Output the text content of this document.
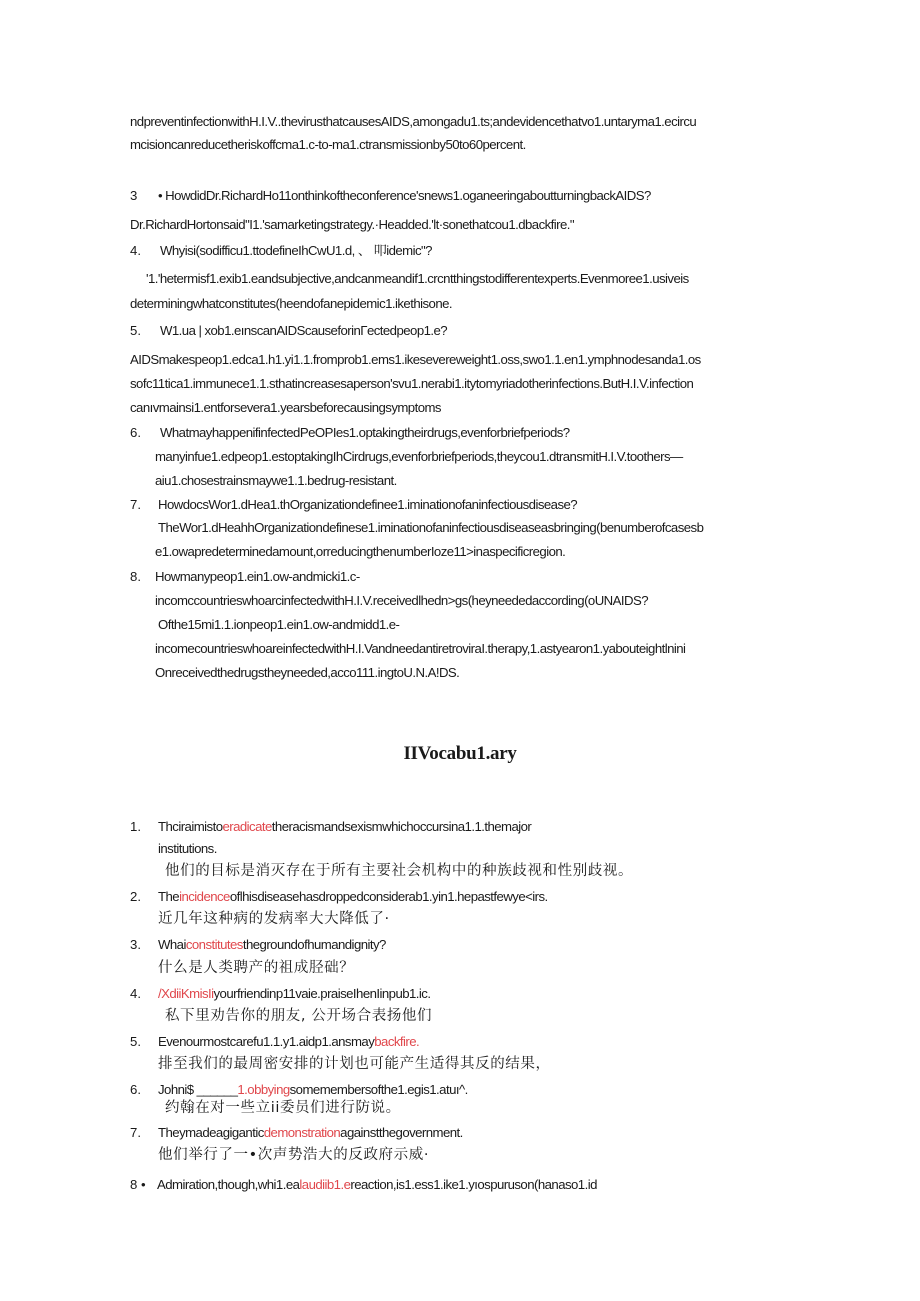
ndpreventinfectionwithH.I.V..thevirusthatcausesAIDS,amongadu1.ts;andevidencethatvo1.untaryma1.ecircu
mcisioncanreducetheriskoffcma1.c-to-ma1.ctransmissionby50to60percent.
3 • HowdidDr.RichardHo11onthinkoftheconference'snews1.oganeeringaboutturningbackAIDS?
Dr.RichardHortonsaid"I1.'samarketingstrategy.·Headded.'lt·sonethatcou1.dbackfire."
4. Whyisi(sodifficu1.ttodefineIhCwU1.d, 、 叩idemic"?
'1.'hetermisf1.exib1.eandsubjective,andcanmeandif1.crcntthingstodifferentexperts.Evenmoree1.usiveis
determiningwhatconstitutes(heendofanepidemic1.ikethisone.
5. W1.ua | xob1.eınscanAIDScauseforinΓectedpeop1.e?
AIDSmakespeop1.edca1.h1.yi1.1.fromprob1.ems1.ikesevereweight1.oss,swo1.1.en1.ymphnodesanda1.os
sofc11tica1.immunece1.1.sthatincreasesaperson'svu1.nerabi1.itytomyriadotherinfections.ButH.I.V.infection
canıvmainsi1.entforsevera1.yearsbeforecausingsymptoms
6. WhatmayhappenifinfectedPeOPIes1.optakingtheirdrugs,evenforbriefperiods?
manyinfue1.edpeop1.estoptakingIhCirdrugs,evenforbriefperiods,theycou1.dtransmitH.I.V.toothers—
aiu1.chosestrainsmaywe1.1.bedrug-resistant.
7. HowdocsWor1.dHea1.thOrganizationdefinee1.iminationofaninfectiousdisease?
TheWor1.dHeahhOrganizationdefinese1.iminationofaninfectiousdiseaseasbringing(benumberofcasesb
e1.owapredeterminedamount,orreducingthenumberIoze11>inaspecificregion.
8. Howmanypeop1.ein1.ow-andmicki1.c-
incomccountrieswhoarcinfectedwithH.I.V.receivedlhedn>gs(heyneededaccording(oUNAIDS?
Ofthe15mi1.1.ionpeop1.ein1.ow-andmidd1.e-
incomecountrieswhoareinfectedwithH.I.VandneedantiretroviraI.therapy,1.astyearon1.yabouteightlnini
Onreceivedthedrugstheyneeded,acco111.ingtoU.N.A!DS.
IIVocabu1.ary
1. Thciraimistoeradicatetheracismandsexismwhichoccursina1.1.themajor
institutions.
他们的目标是消灭存在于所有主要社会机构中的种族歧视和性别歧视。
2. Theincidenceoflhisdiseasehasdroppedconsiderab1.yin1.hepastfewye<irs.
近几年这种病的发病率大大降低了·
3. Whaiconstitutesthegroundofhumandignity?
什么是人类聘产的祖成胫础？
4. /XdiiKmisIiyourfriendinp11vaie.praiseIhenIinpub1.ic.
私下里劝告你的朋友, 公开场合表扬他们
5. Evenourmostcarefu1.1.y1.aidp1.ansmaybackfire.
排至我们的最周密安排的计划也可能产生适得其反的结果，
6. Johni$ ______1.obbyingsomemembersofthe1.egis1.atuı^.
约翰在对一些立ii委员们进行防说。
7. Theymadeagiganticdemonstrationagainstthegovernment.
他们举行了一•次声势浩大的反政府示威·
8 • Admiration,though,whi1.ealaudiib1.ereaction,is1.ess1.ike1.yıospuruson(hanaso1.id
